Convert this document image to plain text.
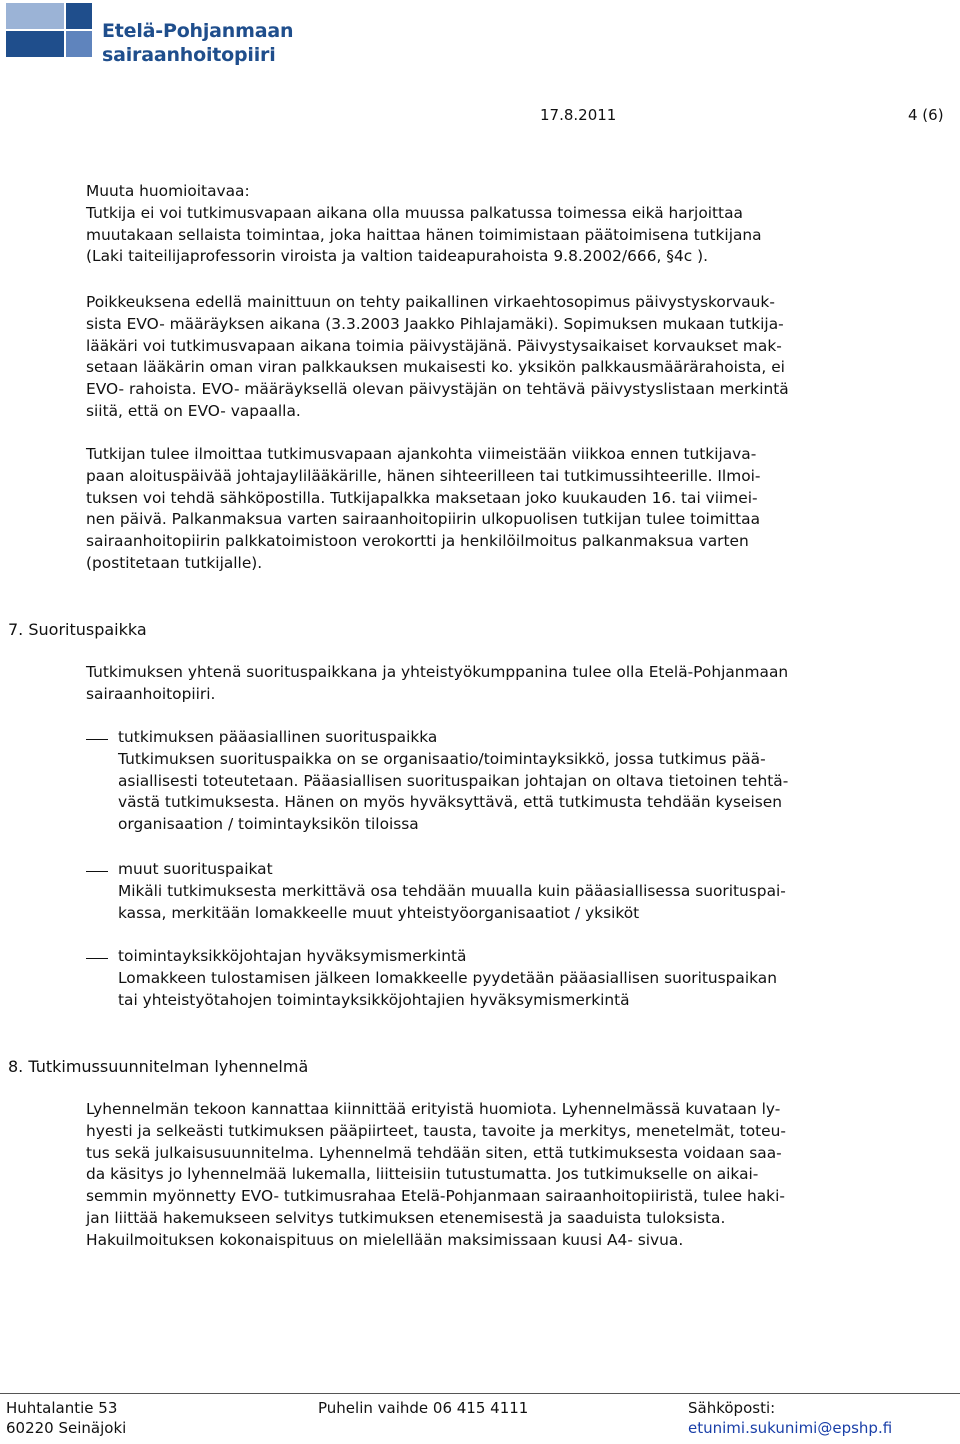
Etelä-Pohjanmaan
sairaanhoitopiiri
17.8.2011	4 (6)
Muuta huomioitavaa:
Tutkija ei voi tutkimusvapaan aikana olla muussa palkatussa toimessa eikä harjoittaa
muutakaan sellaista toimintaa, joka haittaa hänen toimimistaan päätoimisena tutkijana
(Laki taiteilijaprofessorin viroista ja valtion taideapurahoista 9.8.2002/666, §4c ).
Poikkeuksena edellä mainittuun on tehty paikallinen virkaehtosopimus päivystyskorvauk-
sista EVO- määräyksen aikana (3.3.2003 Jaakko Pihlajamäki). Sopimuksen mukaan tutkija-
lääkäri voi tutkimusvapaan aikana toimia päivystäjänä. Päivystysaikaiset korvaukset mak-
setaan lääkärin oman viran palkkauksen mukaisesti ko. yksikön palkkausmäärärahoista, ei
EVO- rahoista. EVO- määräyksellä olevan päivystäjän on tehtävä päivystyslistaan merkintä
siitä, että on EVO- vapaalla.
Tutkijan tulee ilmoittaa tutkimusvapaan ajankohta viimeistään viikkoa ennen tutkijava-
paan aloituspäivää johtajaylilääkärille, hänen sihteerilleen tai tutkimussihteerille. Ilmoi-
tuksen voi tehdä sähköpostilla. Tutkijapalkka maksetaan joko kuukauden 16. tai viimei-
nen päivä. Palkanmaksua varten sairaanhoitopiirin ulkopuolisen tutkijan tulee toimittaa
sairaanhoitopiirin palkkatoimistoon verokortti ja henkilöilmoitus palkanmaksua varten
(postitetaan tutkijalle).
7. Suorituspaikka
Tutkimuksen yhtenä suorituspaikkana ja yhteistyökumppanina tulee olla Etelä-Pohjanmaan
sairaanhoitopiiri.
tutkimuksen pääasiallinen suorituspaikka
Tutkimuksen suorituspaikka on se organisaatio/toimintayksikkö, jossa tutkimus pää-
asiallisesti toteutetaan. Pääasiallisen suorituspaikan johtajan on oltava tietoinen tehtä-
västä tutkimuksesta. Hänen on myös hyväksyttävä, että tutkimusta tehdään kyseisen
organisaation / toimintayksikön tiloissa
muut suorituspaikat
Mikäli tutkimuksesta merkittävä osa tehdään muualla kuin pääasiallisessa suorituspai-
kassa, merkitään lomakkeelle muut yhteistyöorganisaatiot / yksiköt
toimintayksikköjohtajan hyväksymismerkintä
Lomakkeen tulostamisen jälkeen lomakkeelle pyydetään pääasiallisen suorituspaikan
tai yhteistyötahojen toimintayksikköjohtajien hyväksymismerkintä
8. Tutkimussuunnitelman lyhennelmä
Lyhennelmän tekoon kannattaa kiinnittää erityistä huomiota. Lyhennelmässä kuvataan ly-
hyesti ja selkeästi tutkimuksen pääpiirteet, tausta, tavoite ja merkitys, menetelmät, toteu-
tus sekä julkaisusuunnitelma. Lyhennelmä tehdään siten, että tutkimuksesta voidaan saa-
da käsitys jo lyhennelmää lukemalla, liitteisiin tutustumatta. Jos tutkimukselle on aikai-
semmin myönnetty EVO- tutkimusrahaa Etelä-Pohjanmaan sairaanhoitopiiristä, tulee haki-
jan liittää hakemukseen selvitys tutkimuksen etenemisestä ja saaduista tuloksista.
Hakuilmoituksen kokonaispituus on mielellään maksimissaan kuusi A4- sivua.
Huhtalantie 53
60220 Seinäjoki
Puhelin vaihde 06 415 4111	Sähköposti:
etunimi.sukunimi@epshp.fi
